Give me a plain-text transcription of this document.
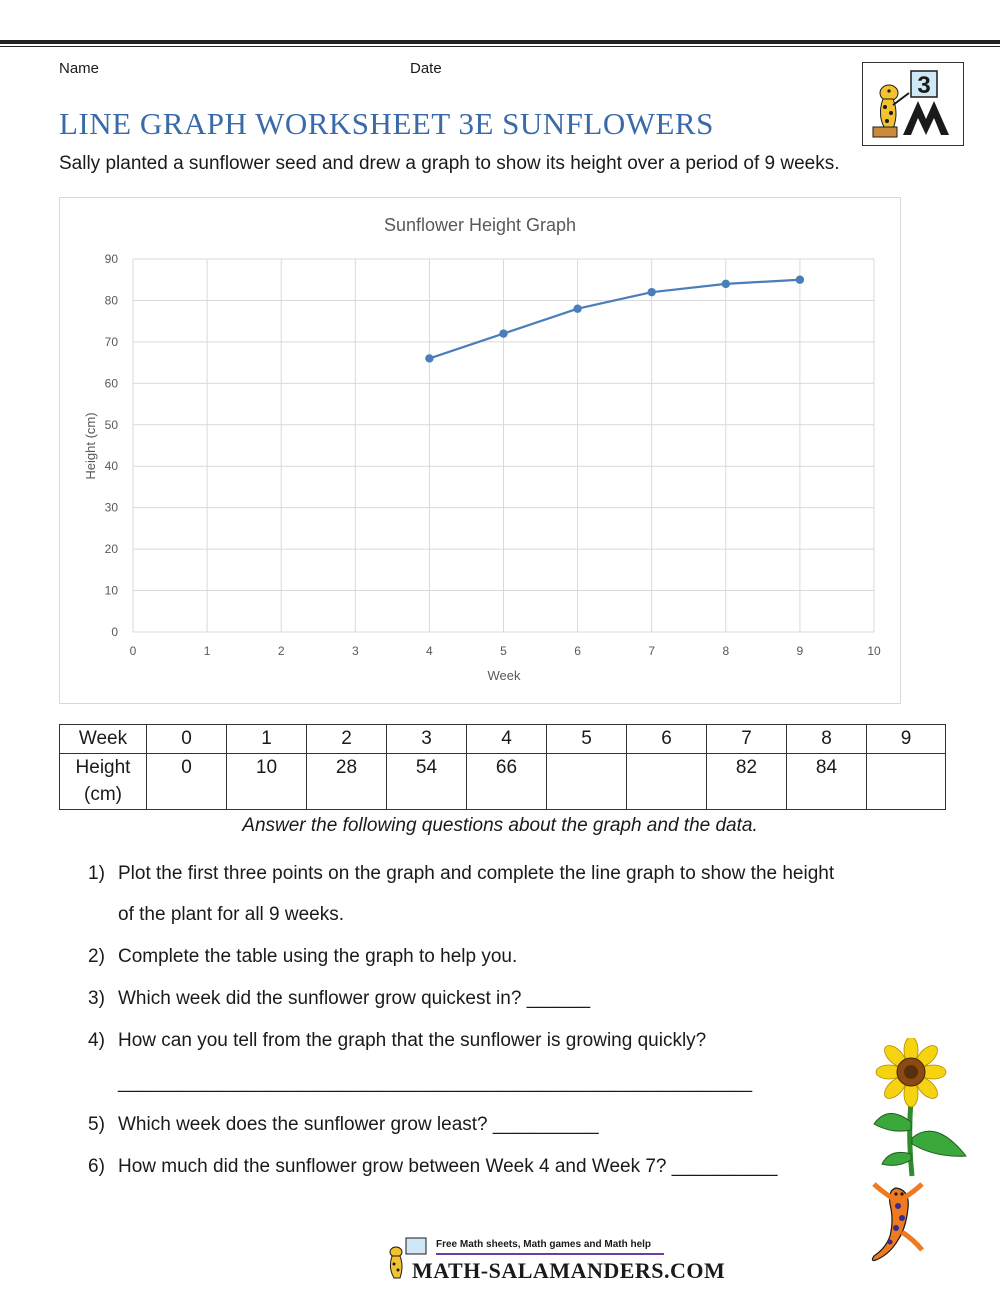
Name	Date
3
LINE GRAPH WORKSHEET 3E SUNFLOWERS
Sally planted a sunflower seed and drew a graph to show its height over a period of 9 weeks.
Sunflower Height Graph
0
10
20
30
40
50
60
70
80
90
0	1	2	3	4	5	6	7	8	9	10
Week
Height (cm)
Week	0	1	2	3	4	5	6	7	8	9
Height
(cm)	0	10	28	54	66			82	84	
Answer the following questions about the graph and the data.
1) Plot the first three points on the graph and complete the line graph to show the height
of the plant for all 9 weeks.
2) Complete the table using the graph to help you.
3) Which week did the sunflower grow quickest in? ______
4) How can you tell from the graph that the sunflower is growing quickly?
____________________________________________________________
5) Which week does the sunflower grow least? __________
6) How much did the sunflower grow between Week 4 and Week 7? __________
Free Math sheets, Math games and Math help
MATH-SALAMANDERS.COM
